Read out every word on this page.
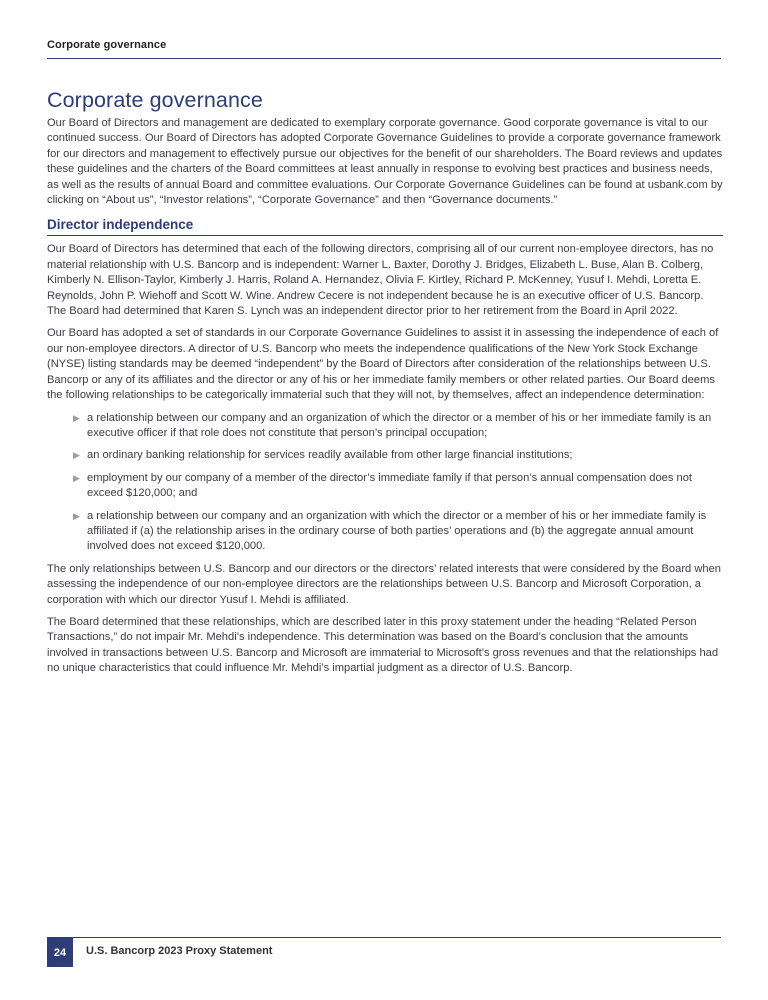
Corporate governance
Corporate governance

Our Board of Directors and management are dedicated to exemplary corporate governance. Good corporate governance is vital to our continued success. Our Board of Directors has adopted Corporate Governance Guidelines to provide a corporate governance framework for our directors and management to effectively pursue our objectives for the benefit of our shareholders. The Board reviews and updates these guidelines and the charters of the Board committees at least annually in response to evolving best practices and business needs, as well as the results of annual Board and committee evaluations. Our Corporate Governance Guidelines can be found at usbank.com by clicking on “About us”, “Investor relations”, “Corporate Governance” and then “Governance documents.”

Director independence

Our Board of Directors has determined that each of the following directors, comprising all of our current non-employee directors, has no material relationship with U.S. Bancorp and is independent: Warner L. Baxter, Dorothy J. Bridges, Elizabeth L. Buse, Alan B. Colberg, Kimberly N. Ellison-Taylor, Kimberly J. Harris, Roland A. Hernandez, Olivia F. Kirtley, Richard P. McKenney, Yusuf I. Mehdi, Loretta E. Reynolds, John P. Wiehoff and Scott W. Wine. Andrew Cecere is not independent because he is an executive officer of U.S. Bancorp. The Board had determined that Karen S. Lynch was an independent director prior to her retirement from the Board in April 2022.

Our Board has adopted a set of standards in our Corporate Governance Guidelines to assist it in assessing the independence of each of our non-employee directors. A director of U.S. Bancorp who meets the independence qualifications of the New York Stock Exchange (NYSE) listing standards may be deemed “independent” by the Board of Directors after consideration of the relationships between U.S. Bancorp or any of its affiliates and the director or any of his or her immediate family members or other related parties. Our Board deems the following relationships to be categorically immaterial such that they will not, by themselves, affect an independence determination:

▶ a relationship between our company and an organization of which the director or a member of his or her immediate family is an executive officer if that role does not constitute that person’s principal occupation;
▶ an ordinary banking relationship for services readily available from other large financial institutions;
▶ employment by our company of a member of the director’s immediate family if that person’s annual compensation does not exceed $120,000; and
▶ a relationship between our company and an organization with which the director or a member of his or her immediate family is affiliated if (a) the relationship arises in the ordinary course of both parties’ operations and (b) the aggregate annual amount involved does not exceed $120,000.

The only relationships between U.S. Bancorp and our directors or the directors’ related interests that were considered by the Board when assessing the independence of our non-employee directors are the relationships between U.S. Bancorp and Microsoft Corporation, a corporation with which our director Yusuf I. Mehdi is affiliated.

The Board determined that these relationships, which are described later in this proxy statement under the heading “Related Person Transactions,” do not impair Mr. Mehdi’s independence. This determination was based on the Board’s conclusion that the amounts involved in transactions between U.S. Bancorp and Microsoft are immaterial to Microsoft’s gross revenues and that the relationships had no unique characteristics that could influence Mr. Mehdi’s impartial judgment as a director of U.S. Bancorp.

24	U.S. Bancorp 2023 Proxy Statement
